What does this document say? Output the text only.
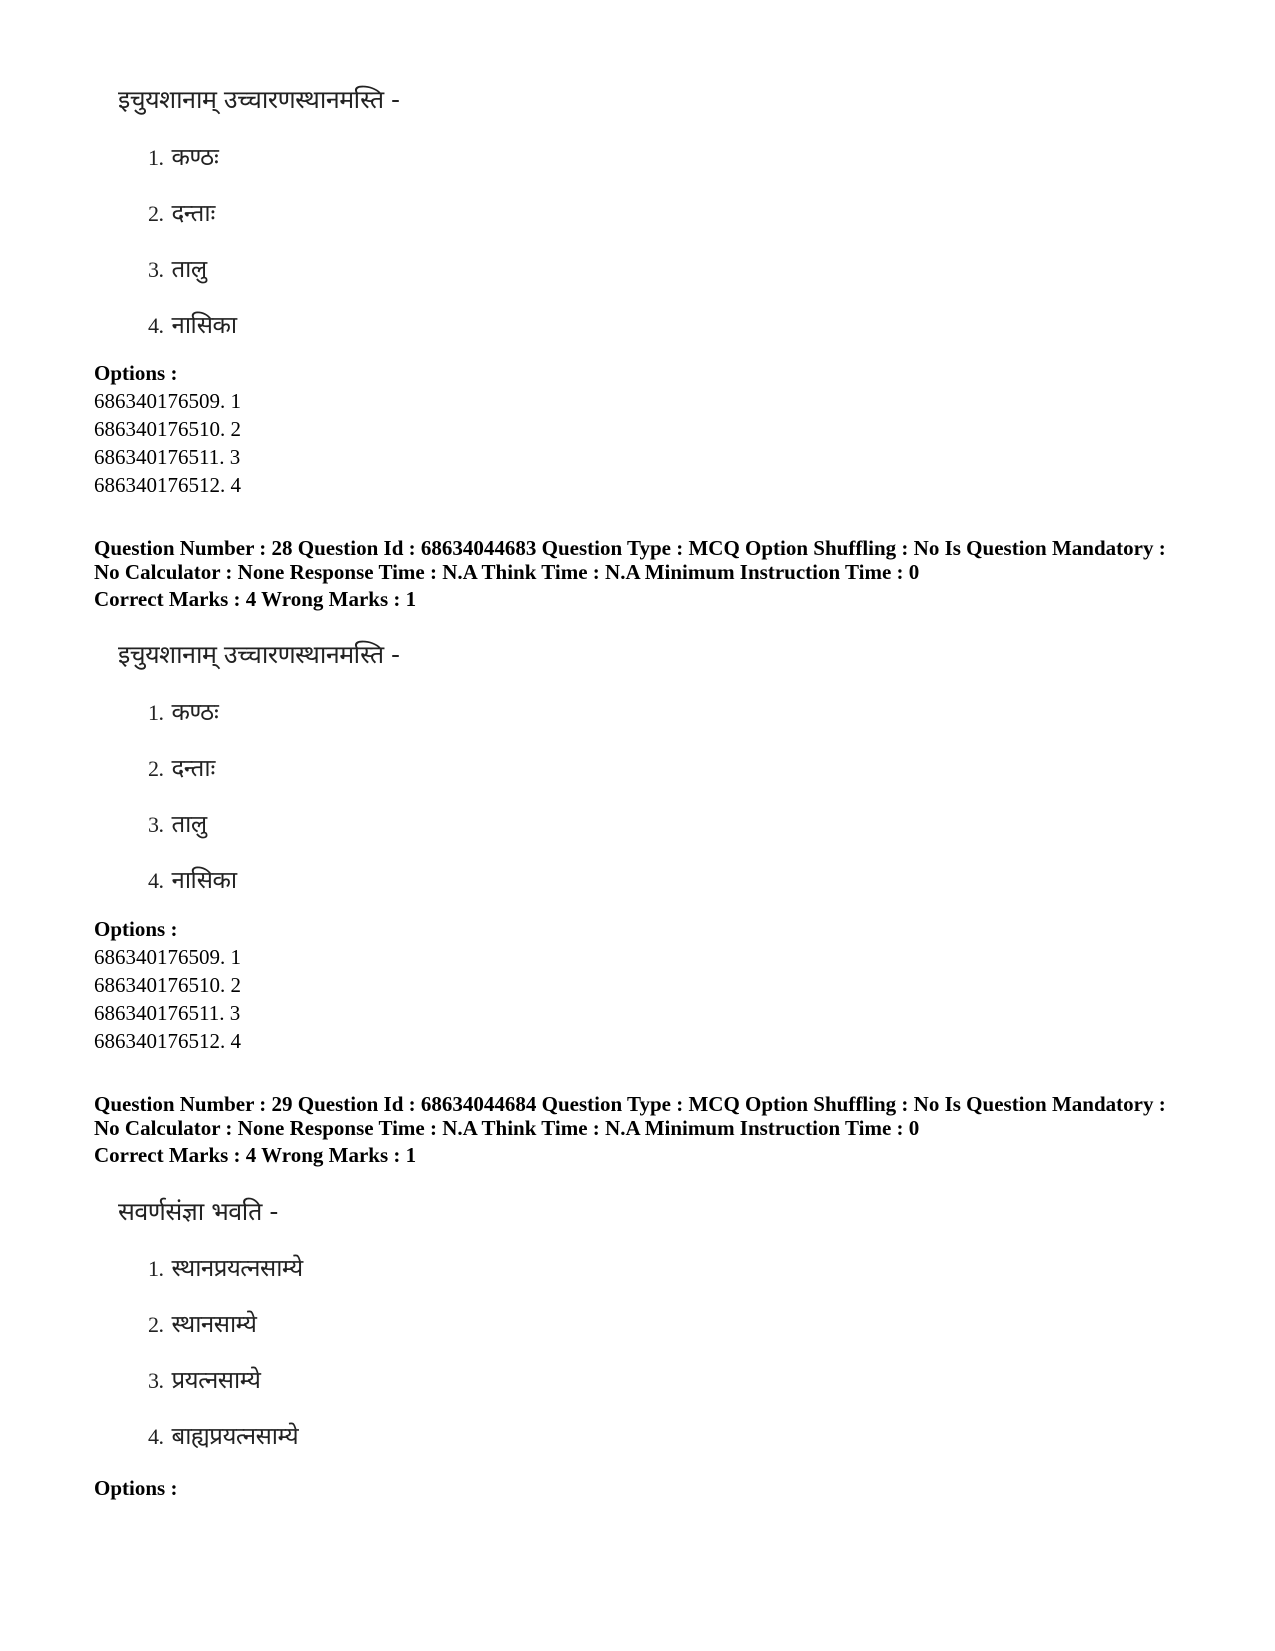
इचुयशानाम् उच्चारणस्थानमस्ति -
1. कण्ठः
2. दन्ताः
3. तालु
4. नासिका
Options :
686340176509. 1
686340176510. 2
686340176511. 3
686340176512. 4
Question Number : 28 Question Id : 68634044683 Question Type : MCQ Option Shuffling : No Is Question Mandatory :
No Calculator : None Response Time : N.A Think Time : N.A Minimum Instruction Time : 0
Correct Marks : 4 Wrong Marks : 1
इचुयशानाम् उच्चारणस्थानमस्ति -
1. कण्ठः
2. दन्ताः
3. तालु
4. नासिका
Options :
686340176509. 1
686340176510. 2
686340176511. 3
686340176512. 4
Question Number : 29 Question Id : 68634044684 Question Type : MCQ Option Shuffling : No Is Question Mandatory :
No Calculator : None Response Time : N.A Think Time : N.A Minimum Instruction Time : 0
Correct Marks : 4 Wrong Marks : 1
सवर्णसंज्ञा भवति -
1. स्थानप्रयत्नसाम्ये
2. स्थानसाम्ये
3. प्रयत्नसाम्ये
4. बाह्यप्रयत्नसाम्ये
Options :
